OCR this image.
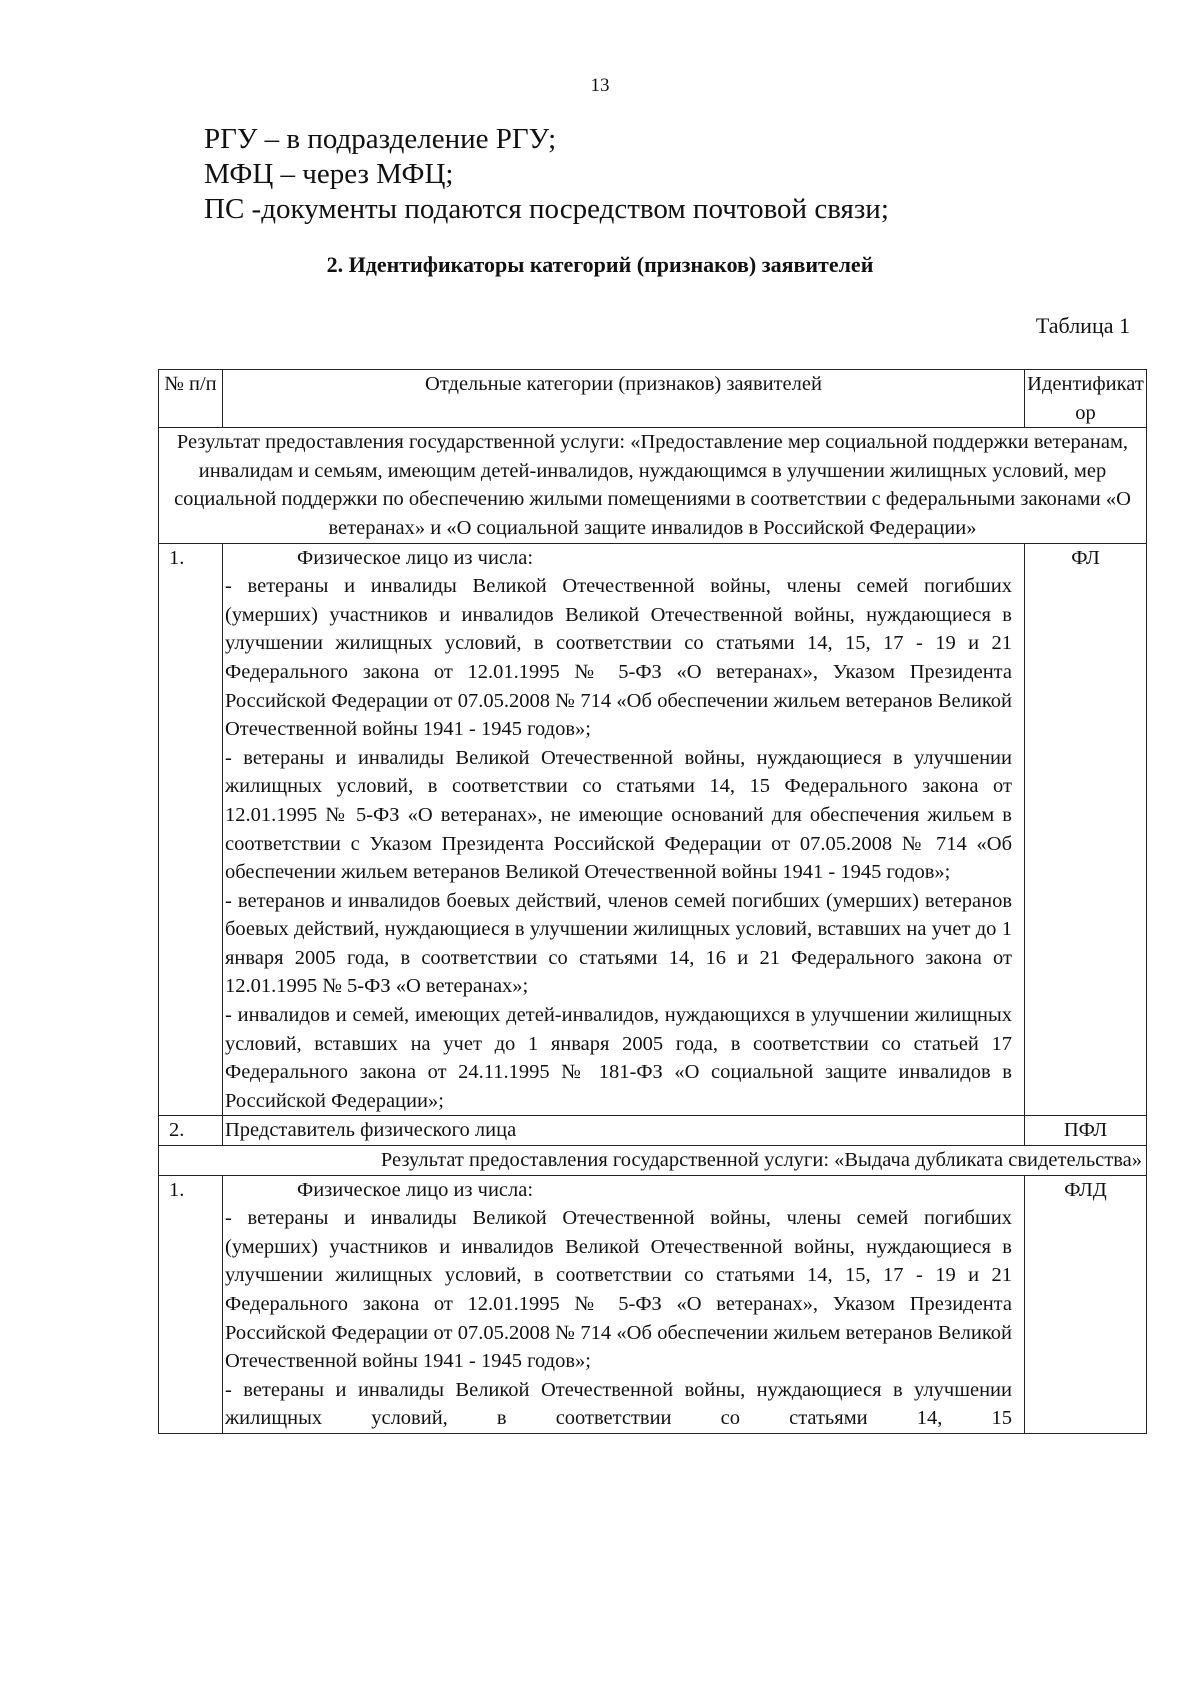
13
РГУ – в подразделение РГУ;
МФЦ – через МФЦ;
ПС -документы подаются посредством почтовой связи;
2. Идентификаторы категорий (признаков) заявителей
Таблица 1
№ п/п	Отдельные категории (признаков) заявителей	Идентификатор
Результат предоставления государственной услуги: «Предоставление мер социальной поддержки ветеранам, инвалидам и семьям, имеющим детей-инвалидов, нуждающимся в улучшении жилищных условий, мер социальной поддержки по обеспечению жилыми помещениями в соответствии с федеральными законами «О ветеранах» и «О социальной защите инвалидов в Российской Федерации»		
1.	Физическое лицо из числа:
- ветераны и инвалиды Великой Отечественной войны, члены семей погибших (умерших) участников и инвалидов Великой Отечественной войны, нуждающиеся в улучшении жилищных условий, в соответствии со статьями 14, 15, 17 - 19 и 21 Федерального закона от 12.01.1995 № 5-ФЗ «О ветеранах», Указом Президента Российской Федерации от 07.05.2008 № 714 «Об обеспечении жильем ветеранов Великой Отечественной войны 1941 - 1945 годов»;
- ветераны и инвалиды Великой Отечественной войны, нуждающиеся в улучшении жилищных условий, в соответствии со статьями 14, 15 Федерального закона от 12.01.1995 № 5-ФЗ «О ветеранах», не имеющие оснований для обеспечения жильем в соответствии с Указом Президента Российской Федерации от 07.05.2008 № 714 «Об обеспечении жильем ветеранов Великой Отечественной войны 1941 - 1945 годов»;
- ветеранов и инвалидов боевых действий, членов семей погибших (умерших) ветеранов боевых действий, нуждающиеся в улучшении жилищных условий, вставших на учет до 1 января 2005 года, в соответствии со статьями 14, 16 и 21 Федерального закона от 12.01.1995 № 5-ФЗ «О ветеранах»;
- инвалидов и семей, имеющих детей-инвалидов, нуждающихся в улучшении жилищных условий, вставших на учет до 1 января 2005 года, в соответствии со статьей 17 Федерального закона от 24.11.1995 № 181-ФЗ «О социальной защите инвалидов в Российской Федерации»;	ФЛ
2.	Представитель физического лица	ПФЛ
Результат предоставления государственной услуги: «Выдача дубликата свидетельства»		
1.	Физическое лицо из числа:
- ветераны и инвалиды Великой Отечественной войны, члены семей погибших (умерших) участников и инвалидов Великой Отечественной войны, нуждающиеся в улучшении жилищных условий, в соответствии со статьями 14, 15, 17 - 19 и 21 Федерального закона от 12.01.1995 № 5-ФЗ «О ветеранах», Указом Президента Российской Федерации от 07.05.2008 № 714 «Об обеспечении жильем ветеранов Великой Отечественной войны 1941 - 1945 годов»;
- ветераны и инвалиды Великой Отечественной войны, нуждающиеся в улучшении жилищных условий, в соответствии со статьями 14, 15	ФЛД
